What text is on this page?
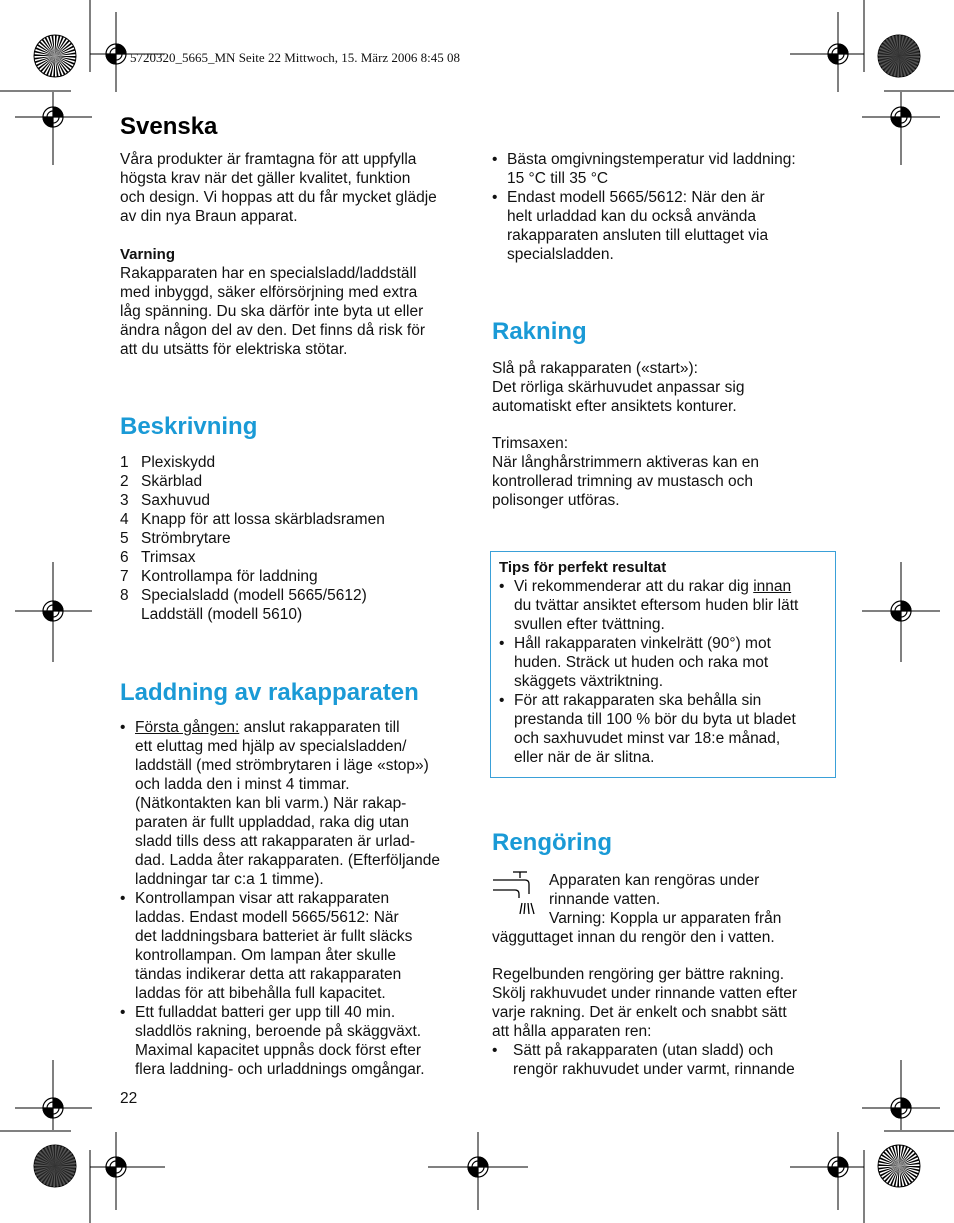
5720320_5665_MN Seite 22 Mittwoch, 15. März 2006 8:45 08
Svenska
Våra produkter är framtagna för att uppfylla
högsta krav när det gäller kvalitet, funktion
och design. Vi hoppas att du får mycket glädje
av din nya Braun apparat.
Varning
Rakapparaten har en specialsladd/laddställ
med inbyggd, säker elförsörjning med extra
låg spänning. Du ska därför inte byta ut eller
ändra någon del av den. Det finns då risk för
att du utsätts för elektriska stötar.
Beskrivning
1 Plexiskydd
2 Skärblad
3 Saxhuvud
4 Knapp för att lossa skärbladsramen
5 Strömbrytare
6 Trimsax
7 Kontrollampa för laddning
8 Specialsladd (modell 5665/5612)
Laddställ (modell 5610)
Laddning av rakapparaten
• Första gången: anslut rakapparaten till
ett eluttag med hjälp av specialsladden/
laddställ (med strömbrytaren i läge «stop»)
och ladda den i minst 4 timmar.
(Nätkontakten kan bli varm.) När rakap-
paraten är fullt uppladdad, raka dig utan
sladd tills dess att rakapparaten är urlad-
dad. Ladda åter rakapparaten. (Efterföljande
laddningar tar c:a 1 timme).
• Kontrollampan visar att rakapparaten
laddas. Endast modell 5665/5612: När
det laddningsbara batteriet är fullt släcks
kontrollampan. Om lampan åter skulle
tändas indikerar detta att rakapparaten
laddas för att bibehålla full kapacitet.
• Ett fulladdat batteri ger upp till 40 min.
sladdlös rakning, beroende på skäggväxt.
Maximal kapacitet uppnås dock först efter
flera laddning- och urladdnings omgångar.
22
• Bästa omgivningstemperatur vid laddning:
15 °C till 35 °C
• Endast modell 5665/5612: När den är
helt urladdad kan du också använda
rakapparaten ansluten till eluttaget via
specialsladden.
Rakning
Slå på rakapparaten («start»):
Det rörliga skärhuvudet anpassar sig
automatiskt efter ansiktets konturer.
Trimsaxen:
När långhårstrimmern aktiveras kan en
kontrollerad trimning av mustasch och
polisonger utföras.
Tips för perfekt resultat
• Vi rekommenderar att du rakar dig innan
du tvättar ansiktet eftersom huden blir lätt
svullen efter tvättning.
• Håll rakapparaten vinkelrätt (90°) mot
huden. Sträck ut huden och raka mot
skäggets växtriktning.
• För att rakapparaten ska behålla sin
prestanda till 100 % bör du byta ut bladet
och saxhuvudet minst var 18:e månad,
eller när de är slitna.
Rengöring
Apparaten kan rengöras under
rinnande vatten.
Varning: Koppla ur apparaten från
vägguttaget innan du rengör den i vatten.
Regelbunden rengöring ger bättre rakning.
Skölj rakhuvudet under rinnande vatten efter
varje rakning. Det är enkelt och snabbt sätt
att hålla apparaten ren:
•	Sätt på rakapparaten (utan sladd) och
rengör rakhuvudet under varmt, rinnande
